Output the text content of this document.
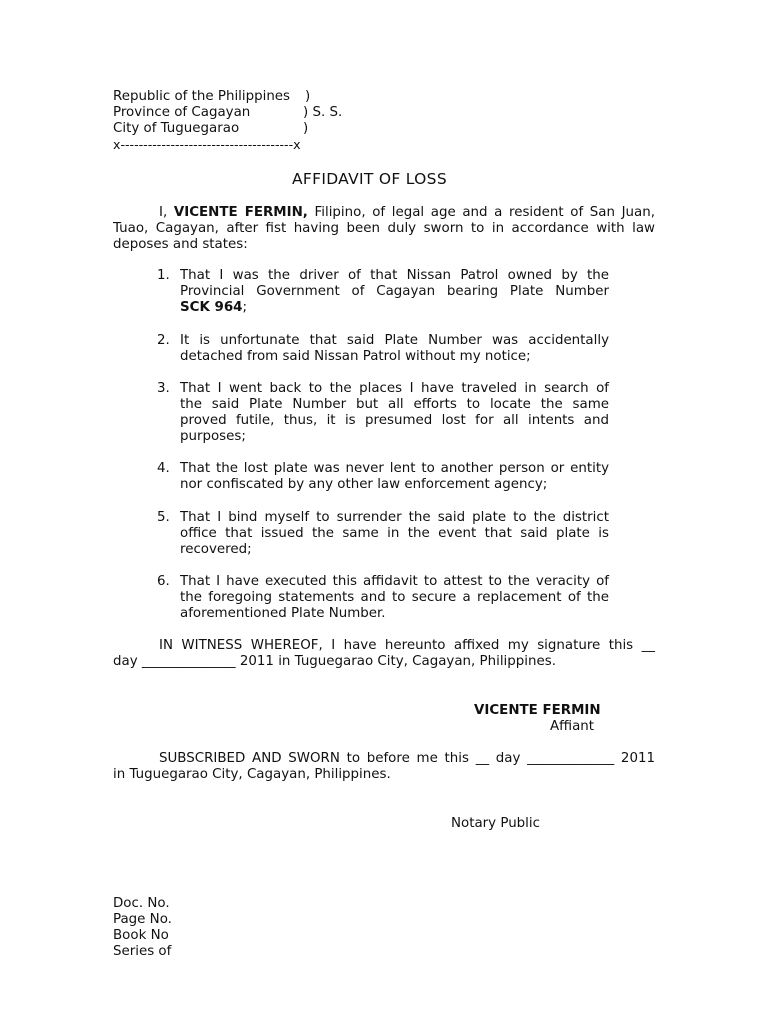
Republic of the Philippines )
Province of Cagayan	) S. S.
City of Tuguegarao	)
x--------------------------------------x
AFFIDAVIT OF LOSS
I, VICENTE FERMIN, Filipino, of legal age and a resident of San Juan,
Tuao, Cagayan, after fist having been duly sworn to in accordance with law
deposes and states:
1. That I was the driver of that Nissan Patrol owned by the
Provincial Government of Cagayan bearing Plate Number
SCK 964;
2. It is unfortunate that said Plate Number was accidentally
detached from said Nissan Patrol without my notice;
3. That I went back to the places I have traveled in search of
the said Plate Number but all efforts to locate the same
proved futile, thus, it is presumed lost for all intents and
purposes;
4. That the lost plate was never lent to another person or entity
nor confiscated by any other law enforcement agency;
5. That I bind myself to surrender the said plate to the district
office that issued the same in the event that said plate is
recovered;
6. That I have executed this affidavit to attest to the veracity of
the foregoing statements and to secure a replacement of the
aforementioned Plate Number.
IN WITNESS WHEREOF, I have hereunto affixed my signature this __
day ______________ 2011 in Tuguegarao City, Cagayan, Philippines.
VICENTE FERMIN
Affiant
SUBSCRIBED AND SWORN to before me this __ day _____________ 2011
in Tuguegarao City, Cagayan, Philippines.
Notary Public
Doc. No.
Page No.
Book No
Series of
